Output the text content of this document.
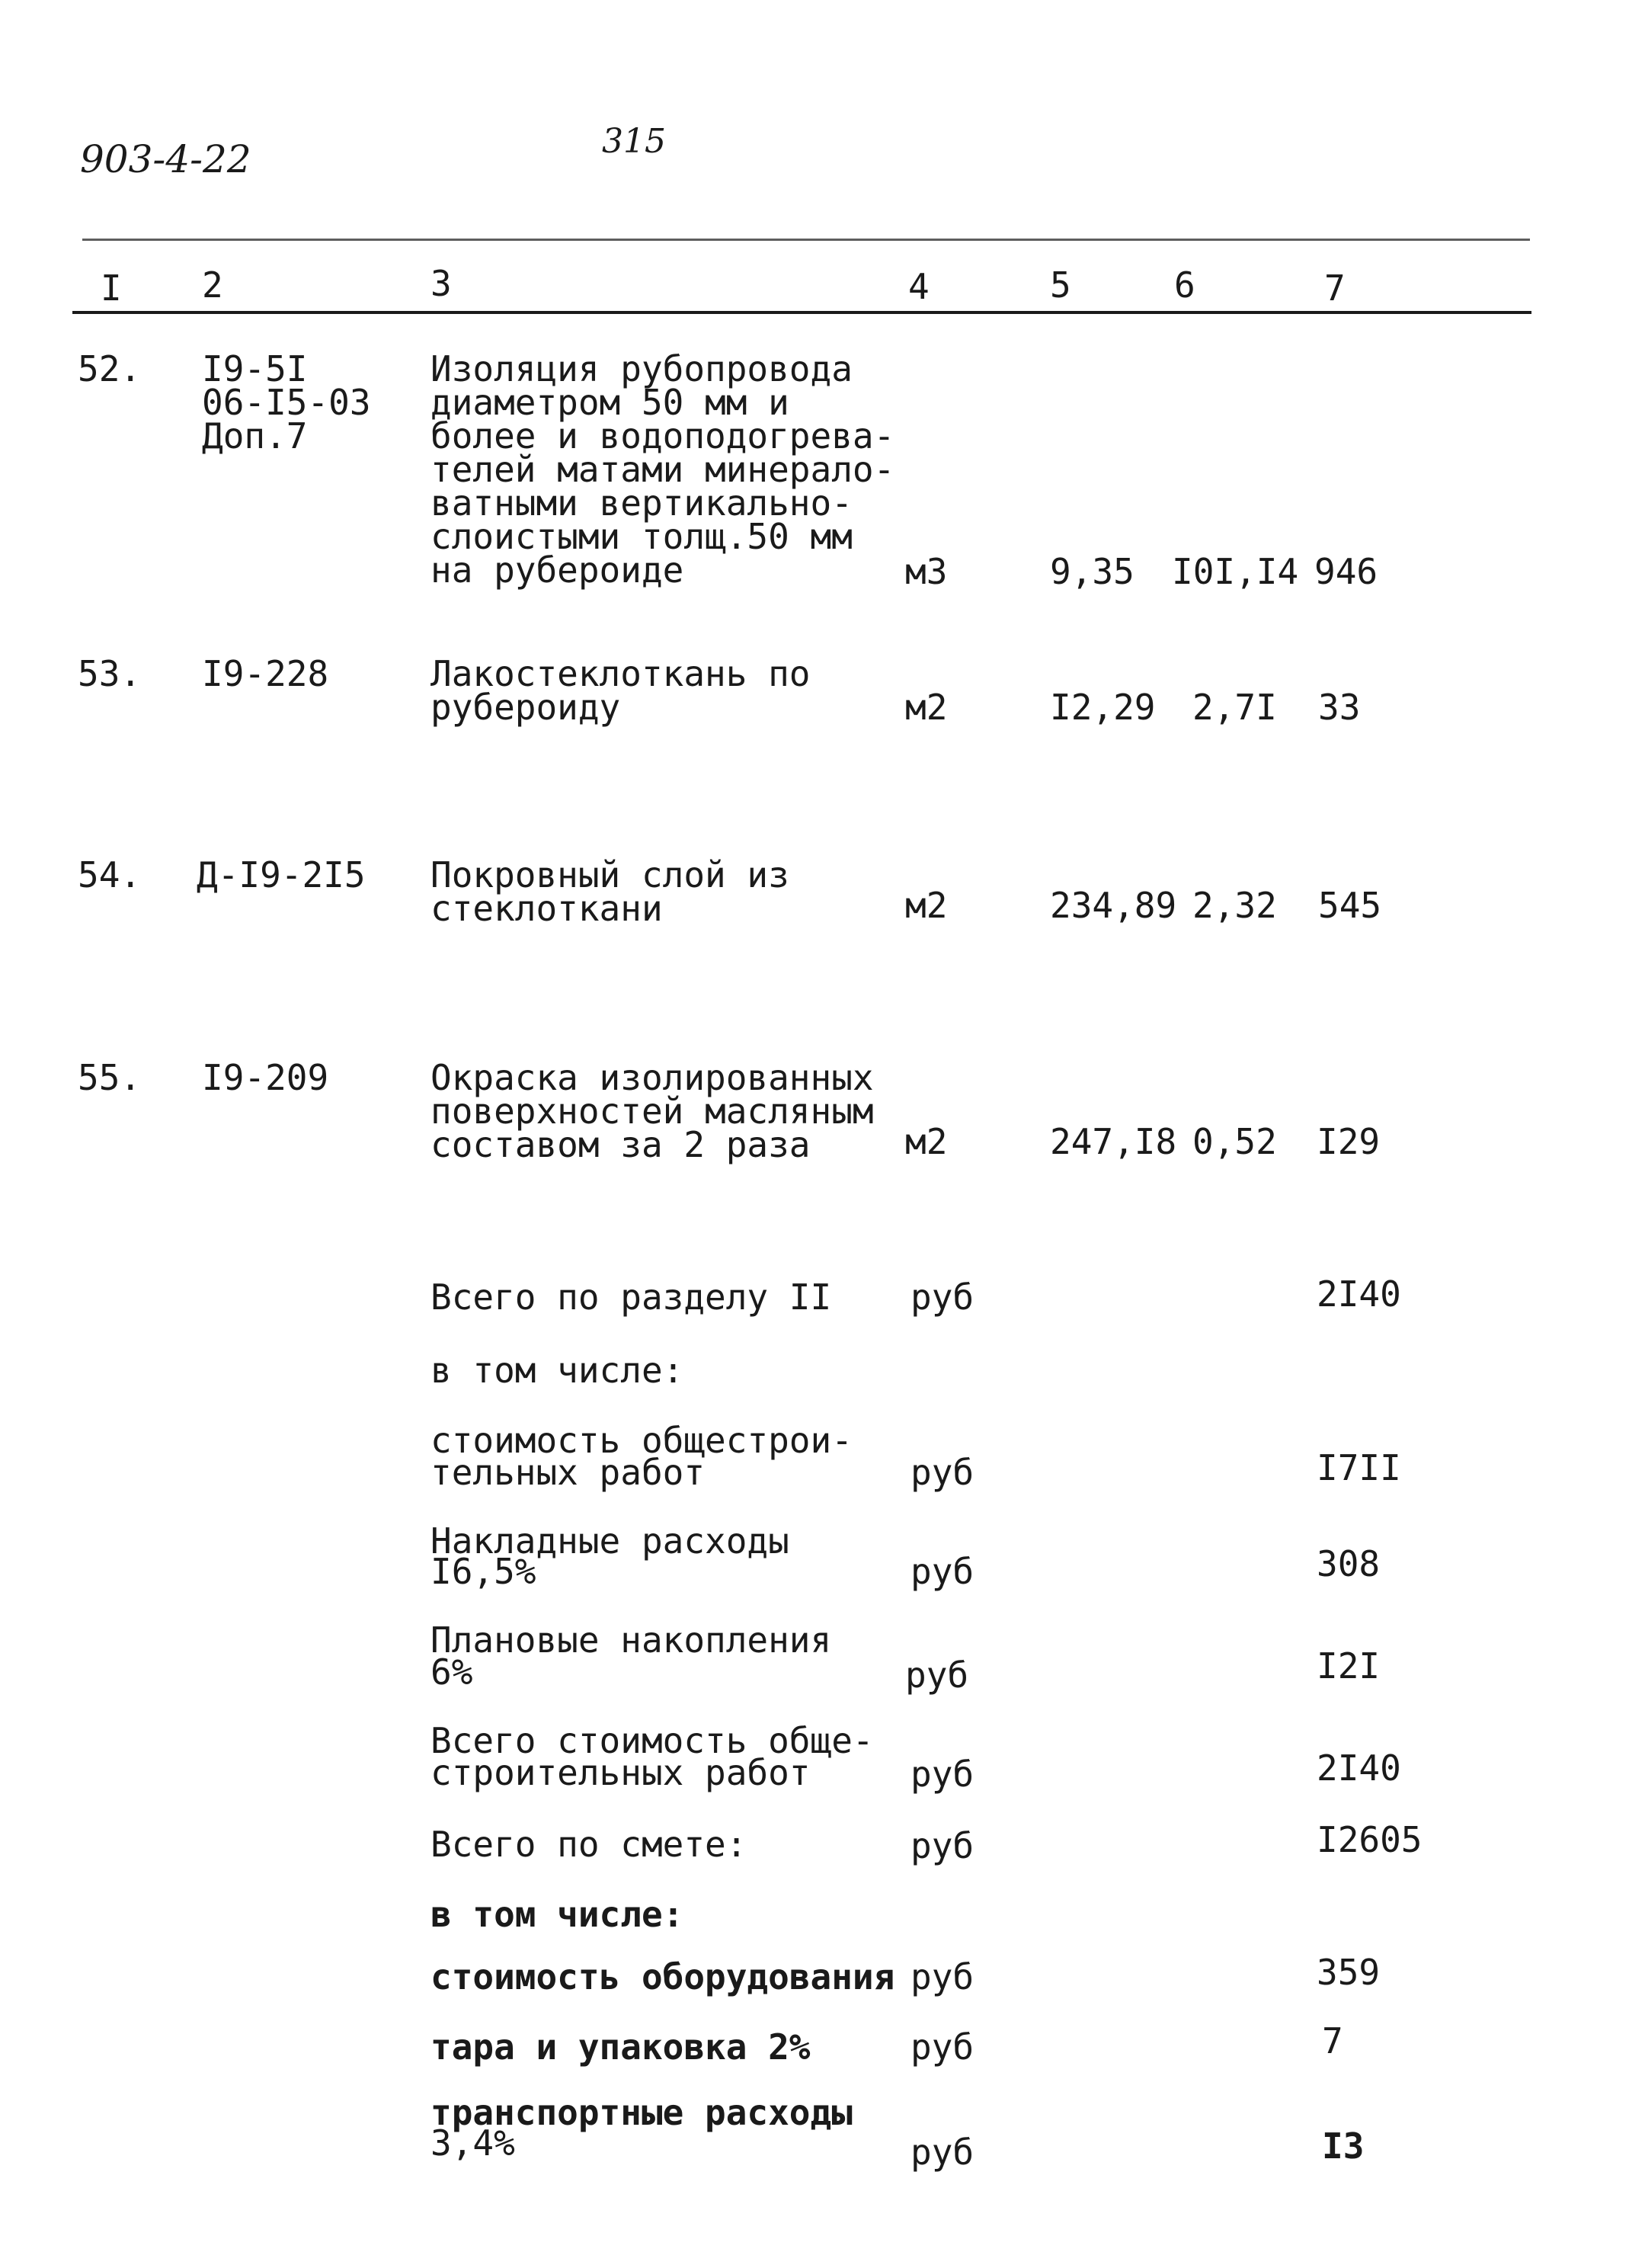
903-4-22	315
I 2	3	4	5	6	7
52. I9-5I
06-I5-03
Доп.7
Изоляция рубопровода
диаметром 50 мм и
более и водоподогрева-
телей матами минерало-
ватными вертикально-
слоистыми толщ.50 мм
на рубероиде	м3	9,35 I0I,I4 946
53. I9-228	Лакостеклоткань по
рубероиду	м2	I2,29 2,7I 33
54. Д-I9-2I5 Покровный слой из
стеклоткани	м2	234,89 2,32 545
55. I9-209	Окраска изолированных
поверхностей масляным
составом за 2 раза	м2	247,I8 0,52 I29
Всего по разделу II руб	2I40
в том числе:
стоимость общестрои-
тельных работ	руб	I7II
Накладные расходы
I6,5%	руб	308
Плановые накопления
6%	руб	I2I
Всего стоимость обще-
строительных работ	руб	2I40
Всего по смете:	руб	I2605
в том числе:
стоимость оборудования руб	359
тара и упаковка 2%	руб	7
транспортные расходы
3,4%	руб	I3
